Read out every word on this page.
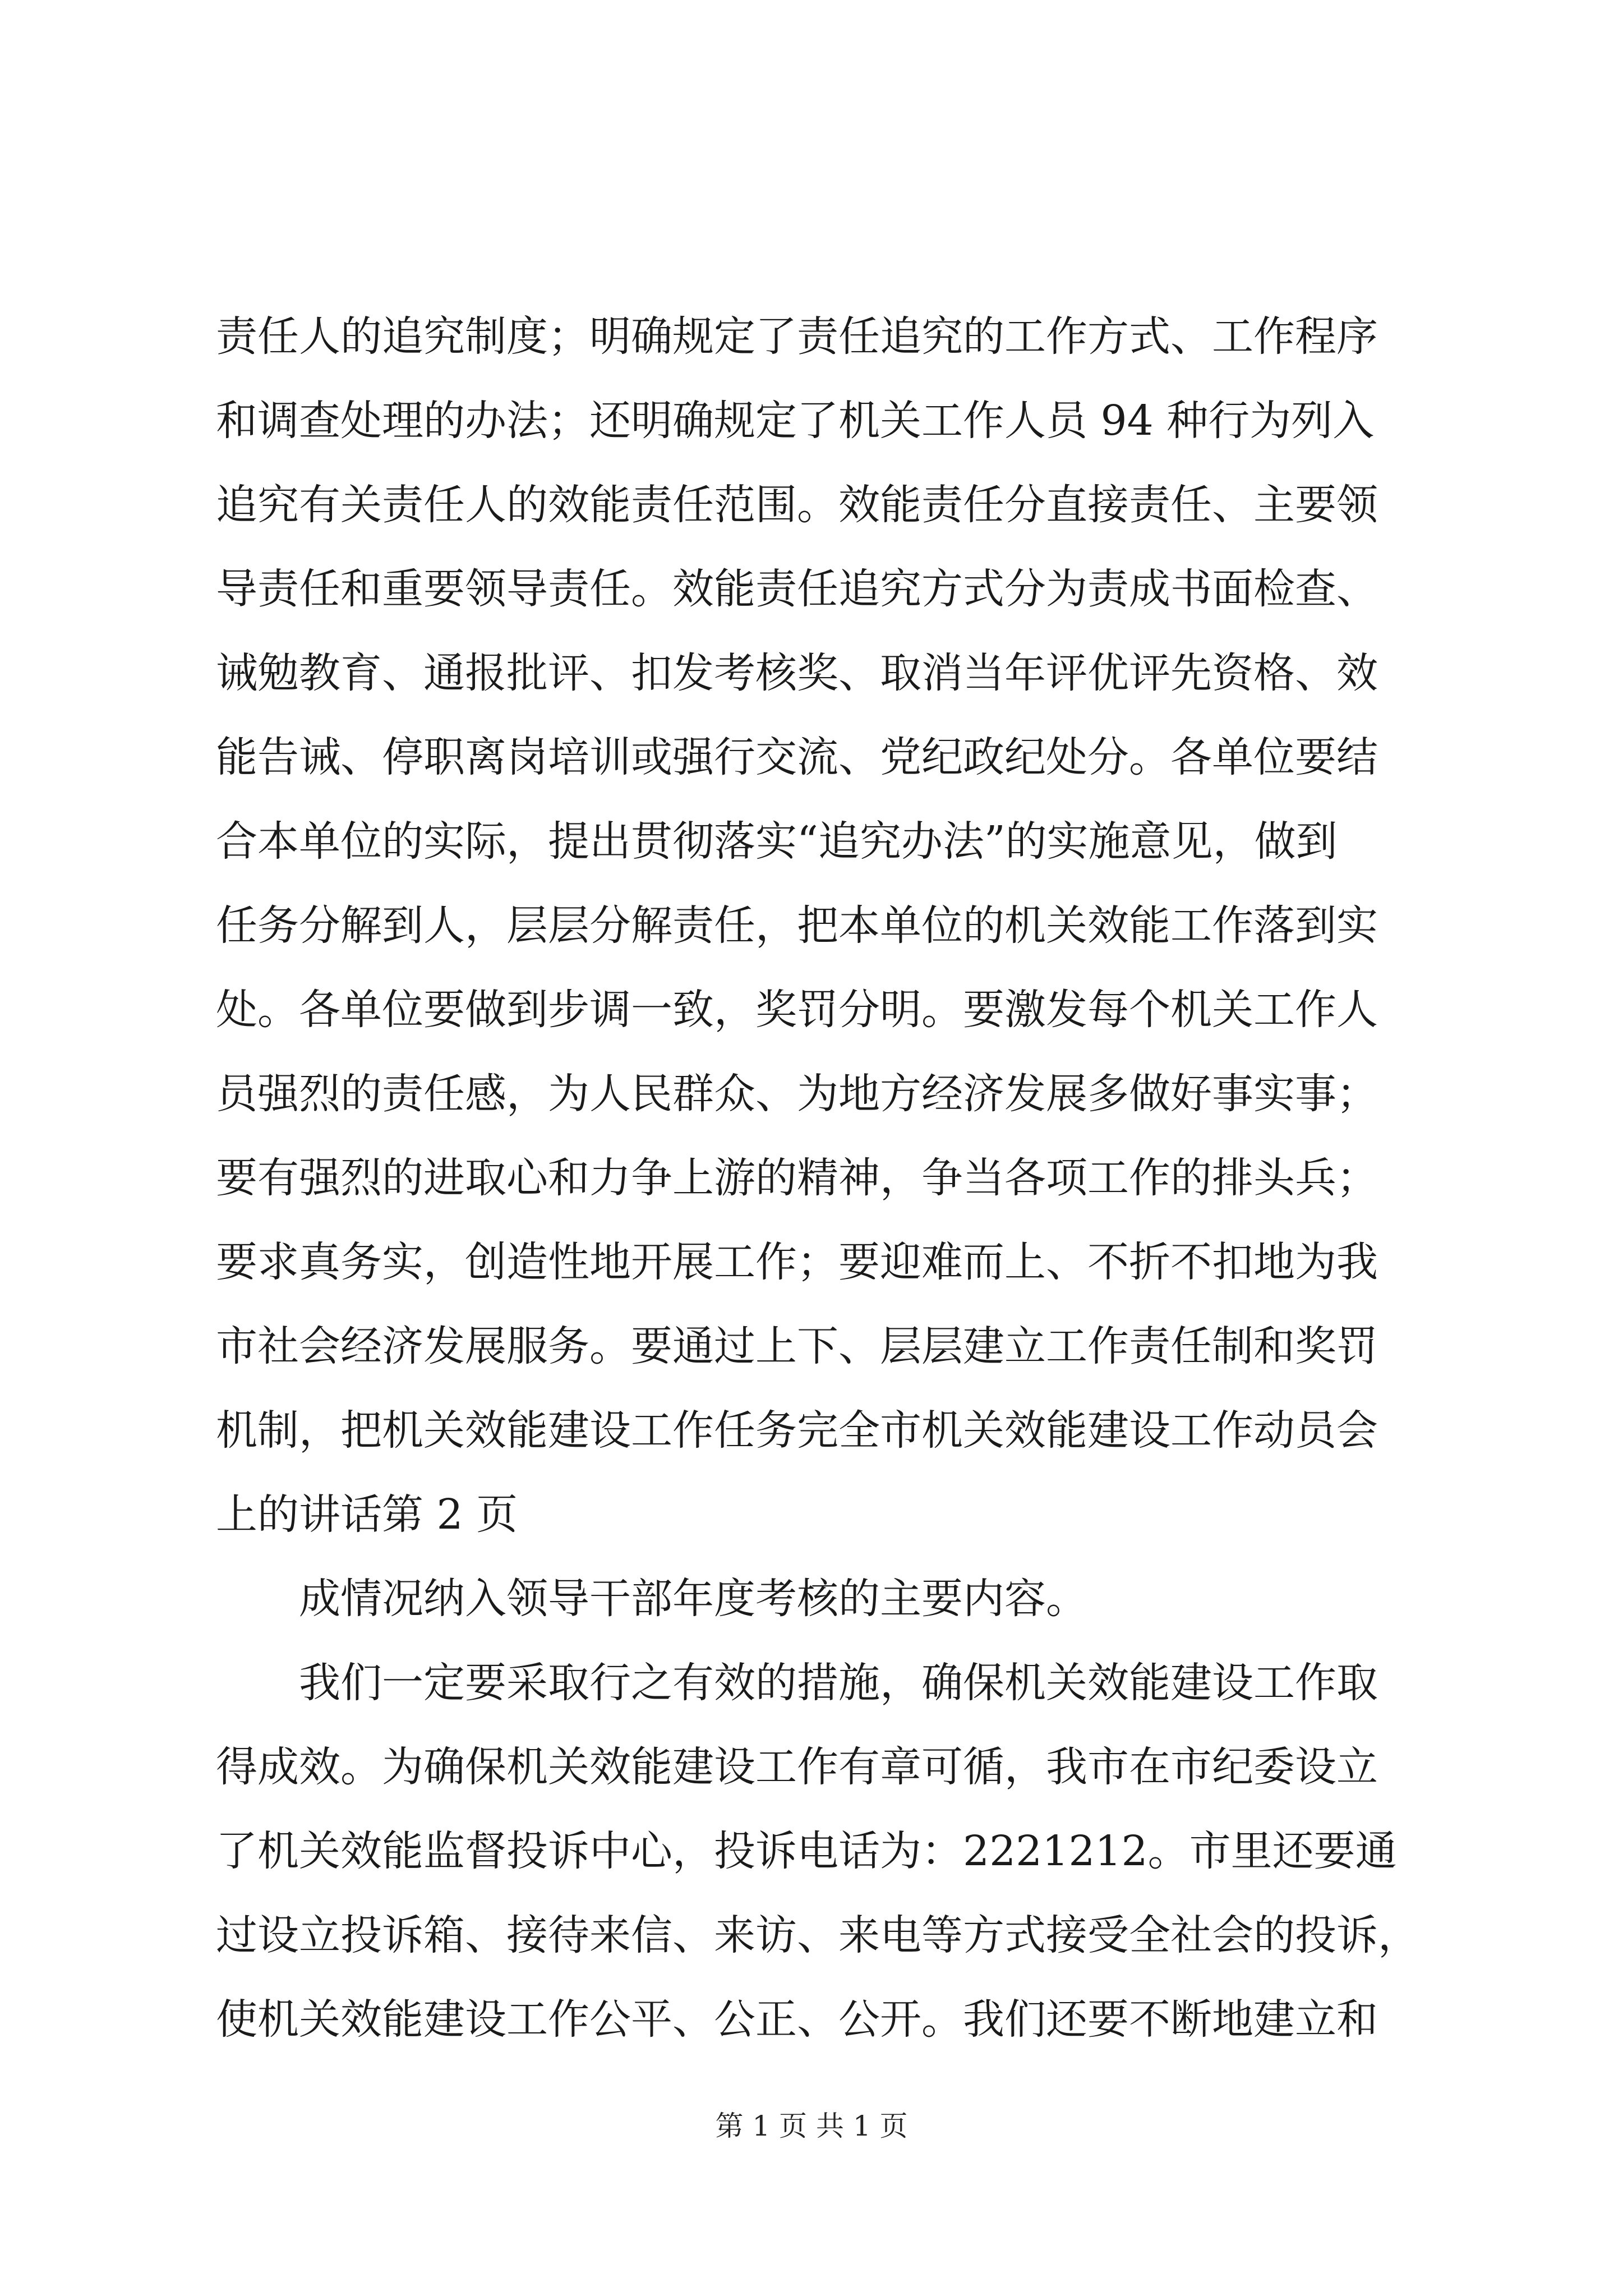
责任人的追究制度；明确规定了责任追究的工作方式、工作程序
和调查处理的办法；还明确规定了机关工作人员 94 种行为列入
追究有关责任人的效能责任范围。效能责任分直接责任、主要领
导责任和重要领导责任。效能责任追究方式分为责成书面检查、
诫勉教育、通报批评、扣发考核奖、取消当年评优评先资格、效
能告诫、停职离岗培训或强行交流、党纪政纪处分。各单位要结
合本单位的实际，提出贯彻落实“追究办法”的实施意见，做到
任务分解到人，层层分解责任，把本单位的机关效能工作落到实
处。各单位要做到步调一致，奖罚分明。要激发每个机关工作人
员强烈的责任感，为人民群众、为地方经济发展多做好事实事；
要有强烈的进取心和力争上游的精神，争当各项工作的排头兵；
要求真务实，创造性地开展工作；要迎难而上、不折不扣地为我
市社会经济发展服务。要通过上下、层层建立工作责任制和奖罚
机制，把机关效能建设工作任务完全市机关效能建设工作动员会
上的讲话第 2 页
成情况纳入领导干部年度考核的主要内容。
我们一定要采取行之有效的措施，确保机关效能建设工作取
得成效。为确保机关效能建设工作有章可循，我市在市纪委设立
了机关效能监督投诉中心，投诉电话为：2221212。市里还要通
过设立投诉箱、接待来信、来访、来电等方式接受全社会的投诉，
使机关效能建设工作公平、公正、公开。我们还要不断地建立和
第 1 页 共 1 页
